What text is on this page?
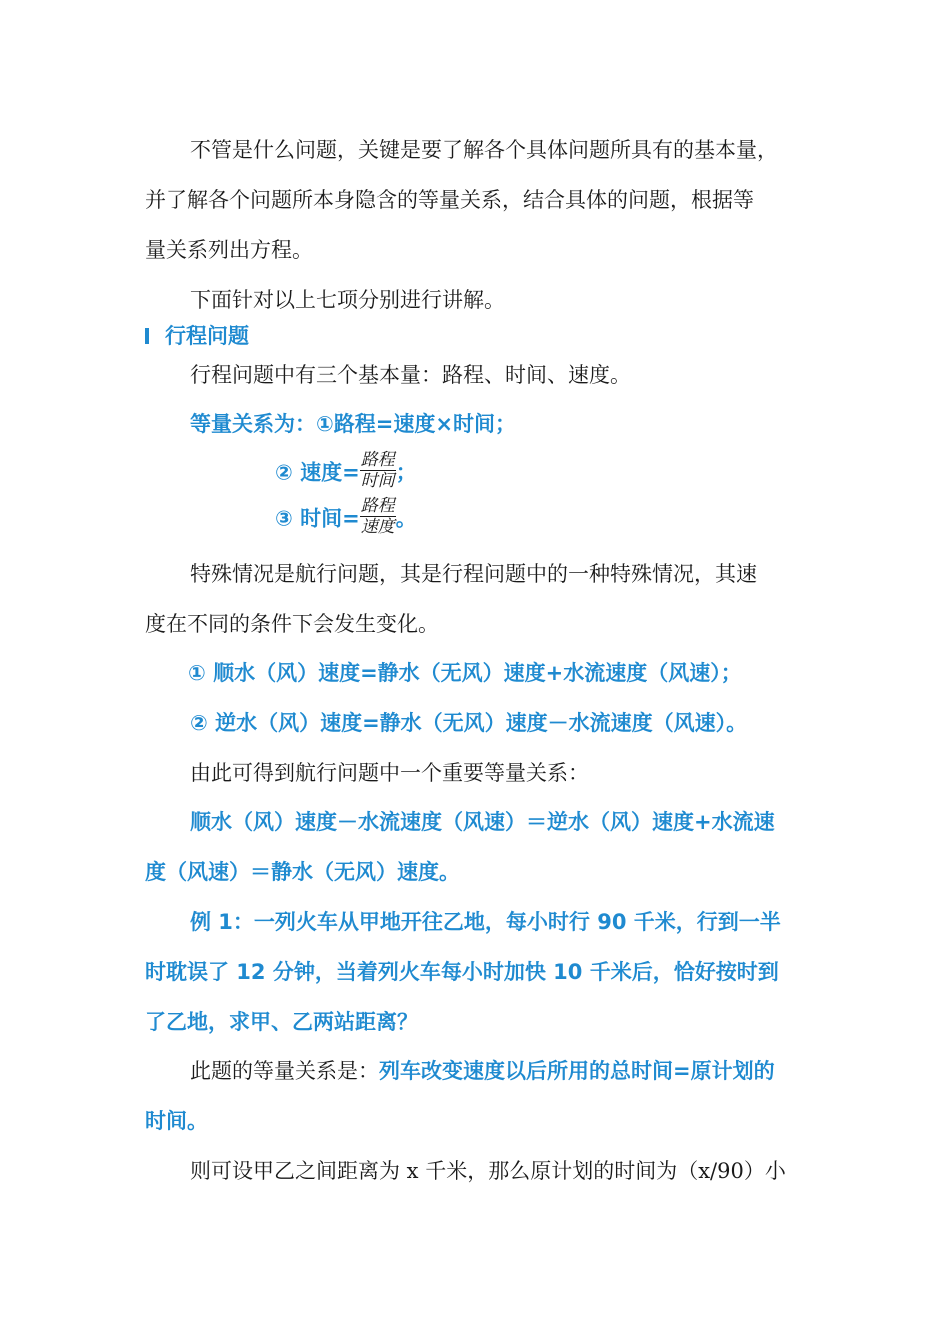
不管是什么问题，关键是要了解各个具体问题所具有的基本量，
并了解各个问题所本身隐含的等量关系，结合具体的问题，根据等
量关系列出方程。
下面针对以上七项分别进行讲解。
行程问题
行程问题中有三个基本量：路程、时间、速度。
等量关系为：①路程=速度×时间；
② 速度= $\frac{\text{路程}}{\text{时间}}$ ；
③ 时间= $\frac{\text{路程}}{\text{速度}}$ 。
特殊情况是航行问题，其是行程问题中的一种特殊情况，其速
度在不同的条件下会发生变化。
① 顺水（风）速度=静水（无风）速度+水流速度（风速）；
② 逆水（风）速度=静水（无风）速度－水流速度（风速）。
由此可得到航行问题中一个重要等量关系：
顺水（风）速度－水流速度（风速）＝逆水（风）速度+水流速
度（风速）＝静水（无风）速度。
例 1：一列火车从甲地开往乙地，每小时行 90 千米，行到一半
时耽误了 12 分钟，当着列火车每小时加快 10 千米后，恰好按时到
了乙地，求甲、乙两站距离？
此题的等量关系是：列车改变速度以后所用的总时间=原计划的
时间。
则可设甲乙之间距离为 x 千米，那么原计划的时间为（x/90）小
